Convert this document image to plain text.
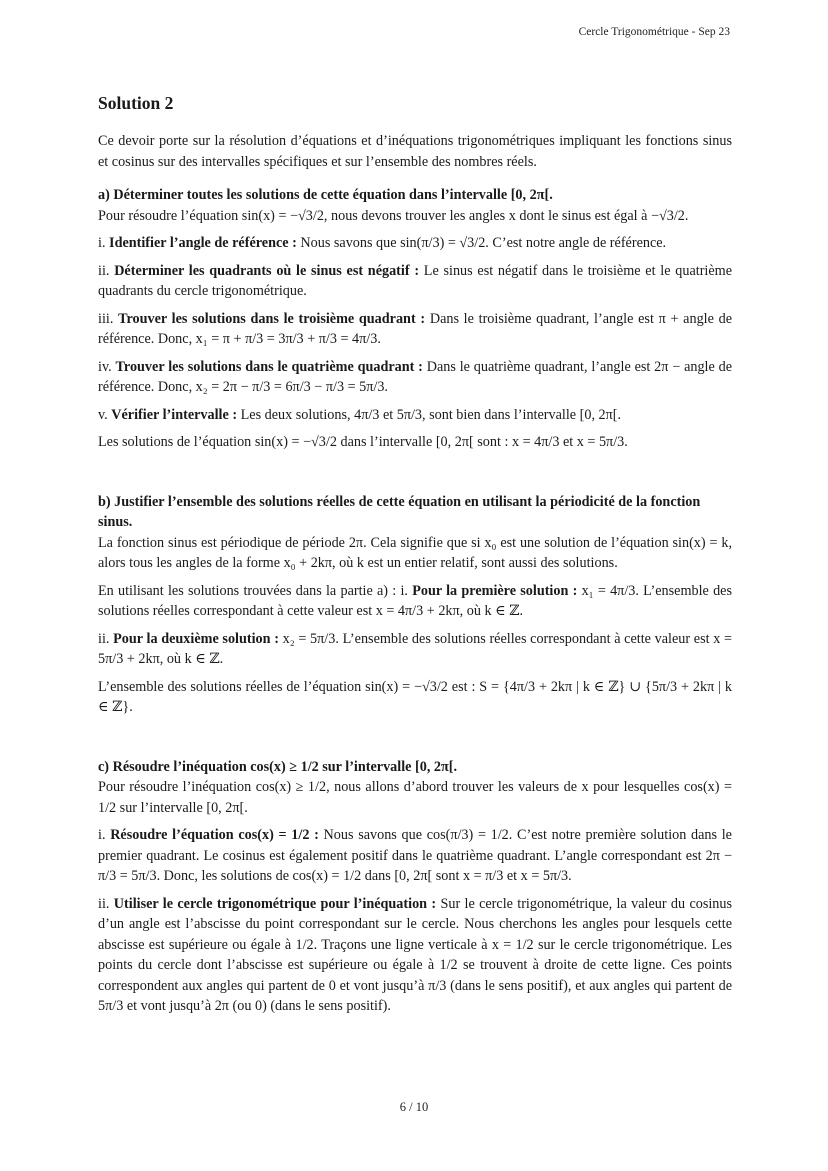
Cercle Trigonométrique - Sep 23
Solution 2

Ce devoir porte sur la résolution d’équations et d’inéquations trigonométriques impliquant les fonctions sinus et cosinus sur des intervalles spécifiques et sur l’ensemble des nombres réels.

a) Déterminer toutes les solutions de cette équation dans l’intervalle [0, 2π[.

Pour résoudre l’équation sin(x) = −√3/2, nous devons trouver les angles x dont le sinus est égal à −√3/2.

i. Identifier l’angle de référence : Nous savons que sin(π/3) = √3/2. C’est notre angle de référence.

ii. Déterminer les quadrants où le sinus est négatif : Le sinus est négatif dans le troisième et le quatrième quadrants du cercle trigonométrique.

iii. Trouver les solutions dans le troisième quadrant : Dans le troisième quadrant, l’angle est π + angle de référence. Donc, x₁ = π + π/3 = 3π/3 + π/3 = 4π/3.

iv. Trouver les solutions dans le quatrième quadrant : Dans le quatrième quadrant, l’angle est 2π − angle de référence. Donc, x₂ = 2π − π/3 = 6π/3 − π/3 = 5π/3.

v. Vérifier l’intervalle : Les deux solutions, 4π/3 et 5π/3, sont bien dans l’intervalle [0, 2π[.

Les solutions de l’équation sin(x) = −√3/2 dans l’intervalle [0, 2π[ sont : x = 4π/3 et x = 5π/3.

b) Justifier l’ensemble des solutions réelles de cette équation en utilisant la périodicité de la fonction sinus.

La fonction sinus est périodique de période 2π. Cela signifie que si x₀ est une solution de l’équation sin(x) = k, alors tous les angles de la forme x₀ + 2kπ, où k est un entier relatif, sont aussi des solutions.

En utilisant les solutions trouvées dans la partie a) : i. Pour la première solution : x₁ = 4π/3. L’ensemble des solutions réelles correspondant à cette valeur est x = 4π/3 + 2kπ, où k ∈ ℤ.

ii. Pour la deuxième solution : x₂ = 5π/3. L’ensemble des solutions réelles correspondant à cette valeur est x = 5π/3 + 2kπ, où k ∈ ℤ.

L’ensemble des solutions réelles de l’équation sin(x) = −√3/2 est : S = {4π/3 + 2kπ | k ∈ ℤ} ∪ {5π/3 + 2kπ | k ∈ ℤ}.

c) Résoudre l’inéquation cos(x) ≥ 1/2 sur l’intervalle [0, 2π[.

Pour résoudre l’inéquation cos(x) ≥ 1/2, nous allons d’abord trouver les valeurs de x pour lesquelles cos(x) = 1/2 sur l’intervalle [0, 2π[.

i. Résoudre l’équation cos(x) = 1/2 : Nous savons que cos(π/3) = 1/2. C’est notre première solution dans le premier quadrant. Le cosinus est également positif dans le quatrième quadrant. L’angle correspondant est 2π − π/3 = 5π/3. Donc, les solutions de cos(x) = 1/2 dans [0, 2π[ sont x = π/3 et x = 5π/3.

ii. Utiliser le cercle trigonométrique pour l’inéquation : Sur le cercle trigonométrique, la valeur du cosinus d’un angle est l’abscisse du point correspondant sur le cercle. Nous cherchons les angles pour lesquels cette abscisse est supérieure ou égale à 1/2. Traçons une ligne verticale à x = 1/2 sur le cercle trigonométrique. Les points du cercle dont l’abscisse est supérieure ou égale à 1/2 se trouvent à droite de cette ligne. Ces points correspondent aux angles qui partent de 0 et vont jusqu’à π/3 (dans le sens positif), et aux angles qui partent de 5π/3 et vont jusqu’à 2π (ou 0) (dans le sens positif).

6 / 10
